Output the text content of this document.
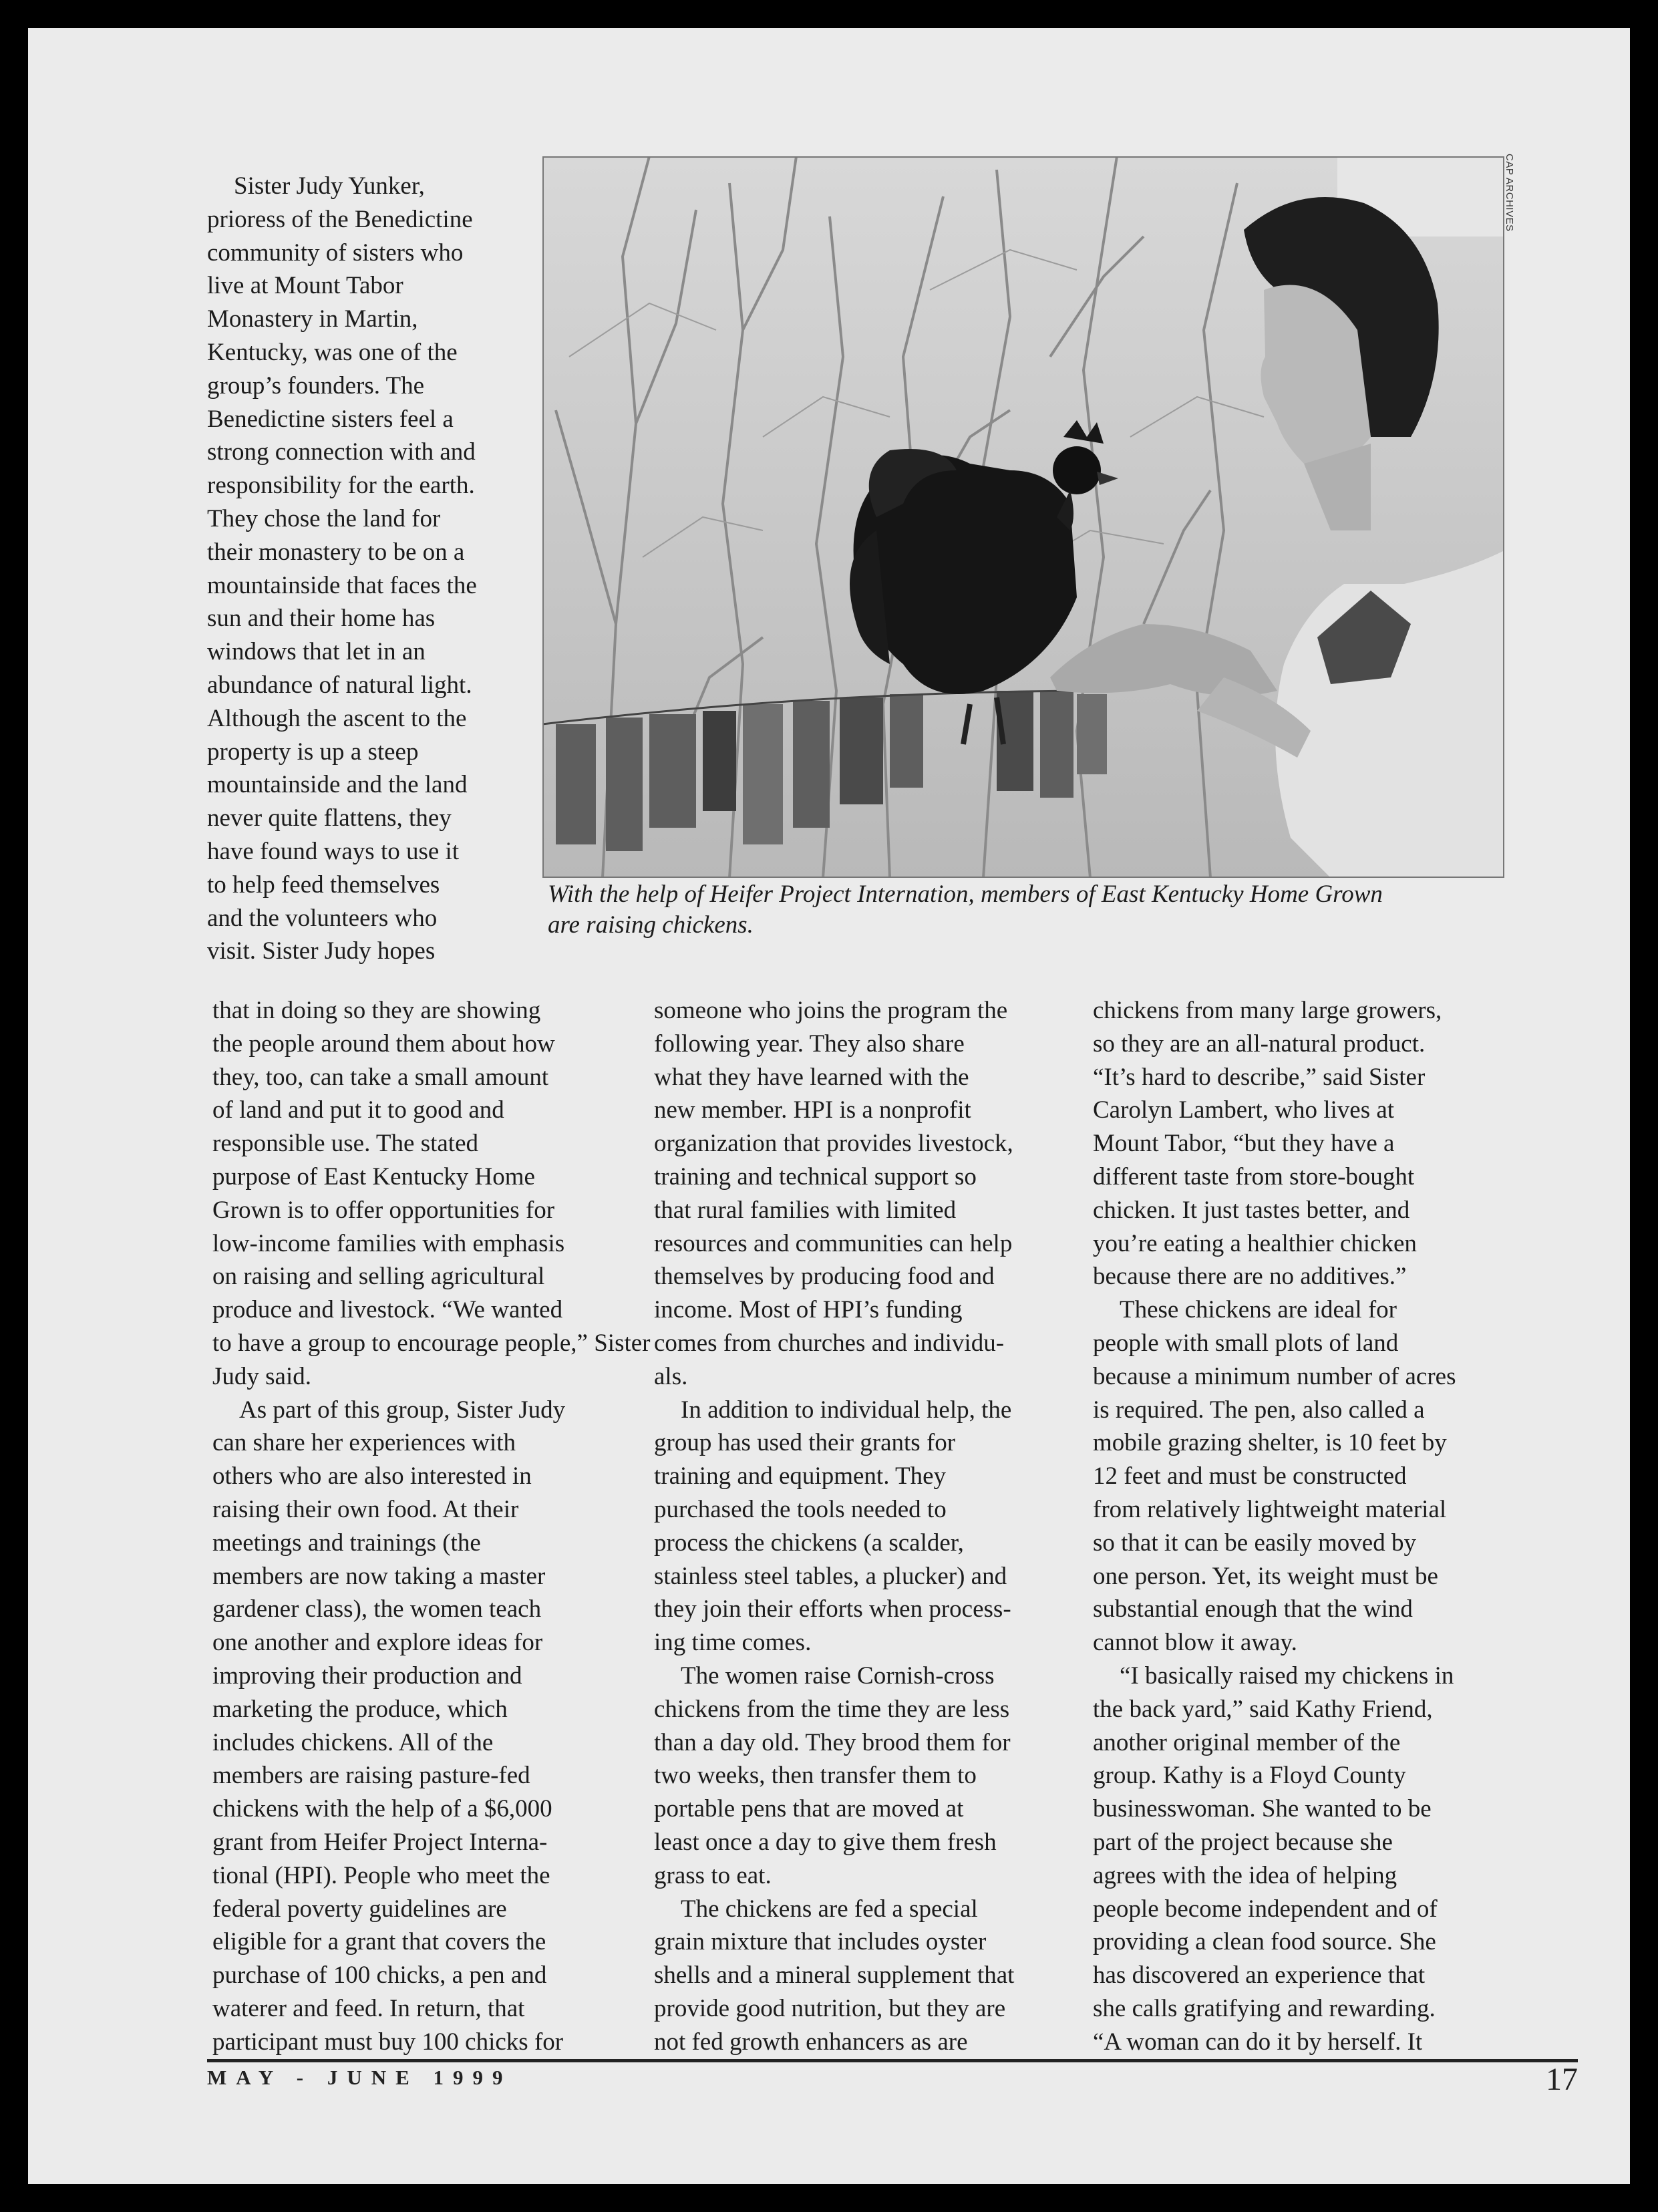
Sister Judy Yunker,
prioress of the Benedictine
community of sisters who
live at Mount Tabor
Monastery in Martin,
Kentucky, was one of the
group’s founders. The
Benedictine sisters feel a
strong connection with and
responsibility for the earth.
They chose the land for
their monastery to be on a
mountainside that faces the
sun and their home has
windows that let in an
abundance of natural light.
Although the ascent to the
property is up a steep
mountainside and the land
never quite flattens, they
have found ways to use it
to help feed themselves
and the volunteers who
visit. Sister Judy hopes

that in doing so they are showing
the people around them about how
they, too, can take a small amount
of land and put it to good and
responsible use. The stated
purpose of East Kentucky Home
Grown is to offer opportunities for
low-income families with emphasis
on raising and selling agricultural
produce and livestock. “We wanted
to have a group to encourage people,” Sister Judy said.

As part of this group, Sister Judy
can share her experiences with
others who are also interested in
raising their own food. At their
meetings and trainings (the
members are now taking a master
gardener class), the women teach
one another and explore ideas for
improving their production and
marketing the produce, which
includes chickens. All of the
members are raising pasture-fed
chickens with the help of a $6,000
grant from Heifer Project Interna-
tional (HPI). People who meet the
federal poverty guidelines are
eligible for a grant that covers the
purchase of 100 chicks, a pen and
waterer and feed. In return, that
participant must buy 100 chicks for

someone who joins the program the
following year. They also share
what they have learned with the
new member. HPI is a nonprofit
organization that provides livestock,
training and technical support so
that rural families with limited
resources and communities can help
themselves by producing food and
income. Most of HPI’s funding
comes from churches and individu-
als.

In addition to individual help, the
group has used their grants for
training and equipment. They
purchased the tools needed to
process the chickens (a scalder,
stainless steel tables, a plucker) and
they join their efforts when process-
ing time comes.

The women raise Cornish-cross
chickens from the time they are less
than a day old. They brood them for
two weeks, then transfer them to
portable pens that are moved at
least once a day to give them fresh
grass to eat.

The chickens are fed a special
grain mixture that includes oyster
shells and a mineral supplement that
provide good nutrition, but they are
not fed growth enhancers as are

chickens from many large growers,
so they are an all-natural product.
“It’s hard to describe,” said Sister
Carolyn Lambert, who lives at
Mount Tabor, “but they have a
different taste from store-bought
chicken. It just tastes better, and
you’re eating a healthier chicken
because there are no additives.”

These chickens are ideal for
people with small plots of land
because a minimum number of acres
is required. The pen, also called a
mobile grazing shelter, is 10 feet by
12 feet and must be constructed
from relatively lightweight material
so that it can be easily moved by
one person. Yet, its weight must be
substantial enough that the wind
cannot blow it away.

“I basically raised my chickens in
the back yard,” said Kathy Friend,
another original member of the
group. Kathy is a Floyd County
businesswoman. She wanted to be
part of the project because she
agrees with the idea of helping
people become independent and of
providing a clean food source. She
has discovered an experience that
she calls gratifying and rewarding.
“A woman can do it by herself. It

CAP ARCHIVES

With the help of Heifer Project Internation, members of East Kentucky Home Grown
are raising chickens.

MAY - JUNE 1999	17
